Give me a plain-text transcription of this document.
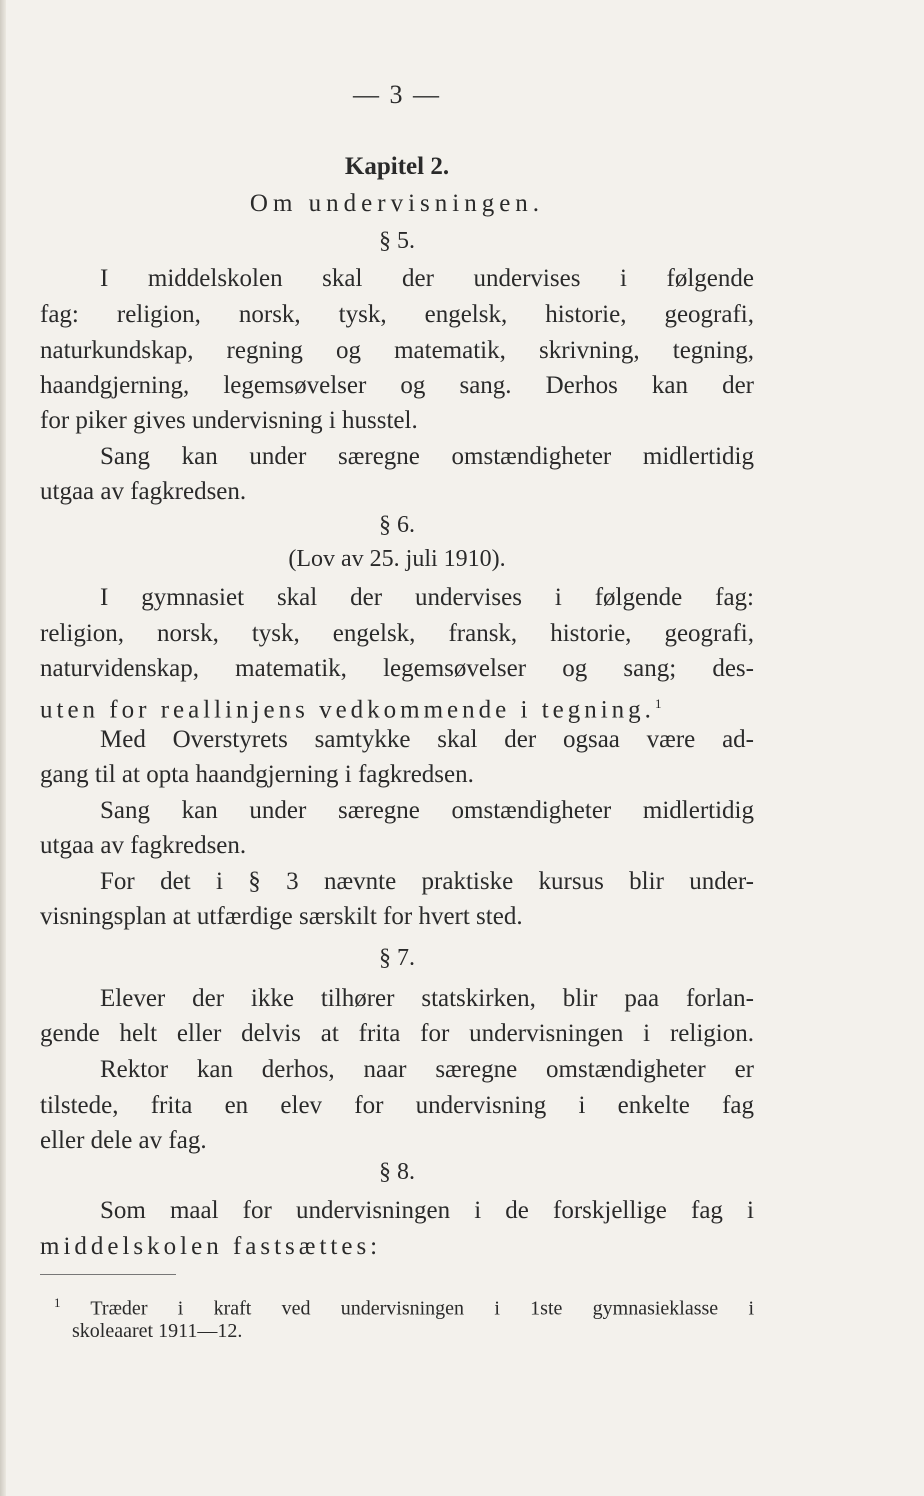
— 3 —
Kapitel 2.
Om undervisningen.
§ 5.
I middelskolen skal der undervises i følgende
fag: religion, norsk, tysk, engelsk, historie, geografi,
naturkundskap, regning og matematik, skrivning, tegning,
haandgjerning, legemsøvelser og sang. Derhos kan der
for piker gives undervisning i husstel.
Sang kan under særegne omstændigheter midlertidig
utgaa av fagkredsen.
§ 6.
(Lov av 25. juli 1910).
I gymnasiet skal der undervises i følgende fag:
religion, norsk, tysk, engelsk, fransk, historie, geografi,
naturvidenskap, matematik, legemsøvelser og sang; des-
uten for reallinjens vedkommende i tegning.$^1$
Med Overstyrets samtykke skal der ogsaa være ad-
gang til at opta haandgjerning i fagkredsen.
Sang kan under særegne omstændigheter midlertidig
utgaa av fagkredsen.
For det i § 3 nævnte praktiske kursus blir under-
visningsplan at utfærdige særskilt for hvert sted.
§ 7.
Elever der ikke tilhører statskirken, blir paa forlan-
gende helt eller delvis at frita for undervisningen i religion.
Rektor kan derhos, naar særegne omstændigheter er
tilstede, frita en elev for undervisning i enkelte fag
eller dele av fag.
§ 8.
Som maal for undervisningen i de forskjellige fag i
middelskolen fastsættes:
$^1$ Træder i kraft ved undervisningen i 1ste gymnasieklasse i
skoleaaret 1911—12.
